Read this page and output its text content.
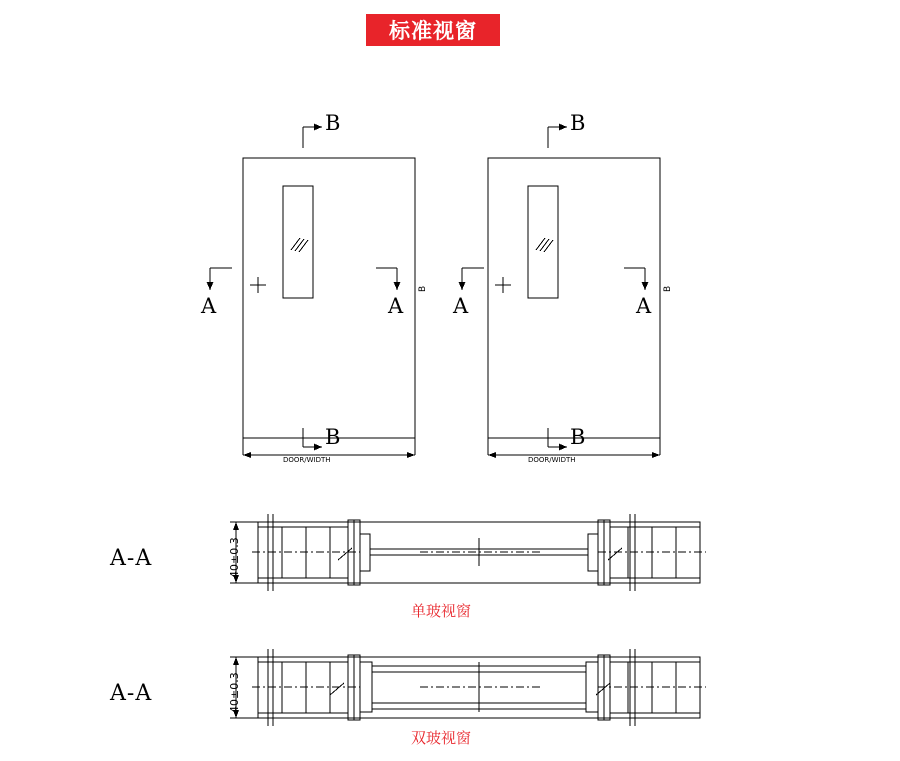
标准视窗
B
B
A	A
B
DOOR/WIDTH
B
B
A	A
B
DOOR/WIDTH
A-A	40±0.3
单玻视窗
A-A	40±0.3
双玻视窗
